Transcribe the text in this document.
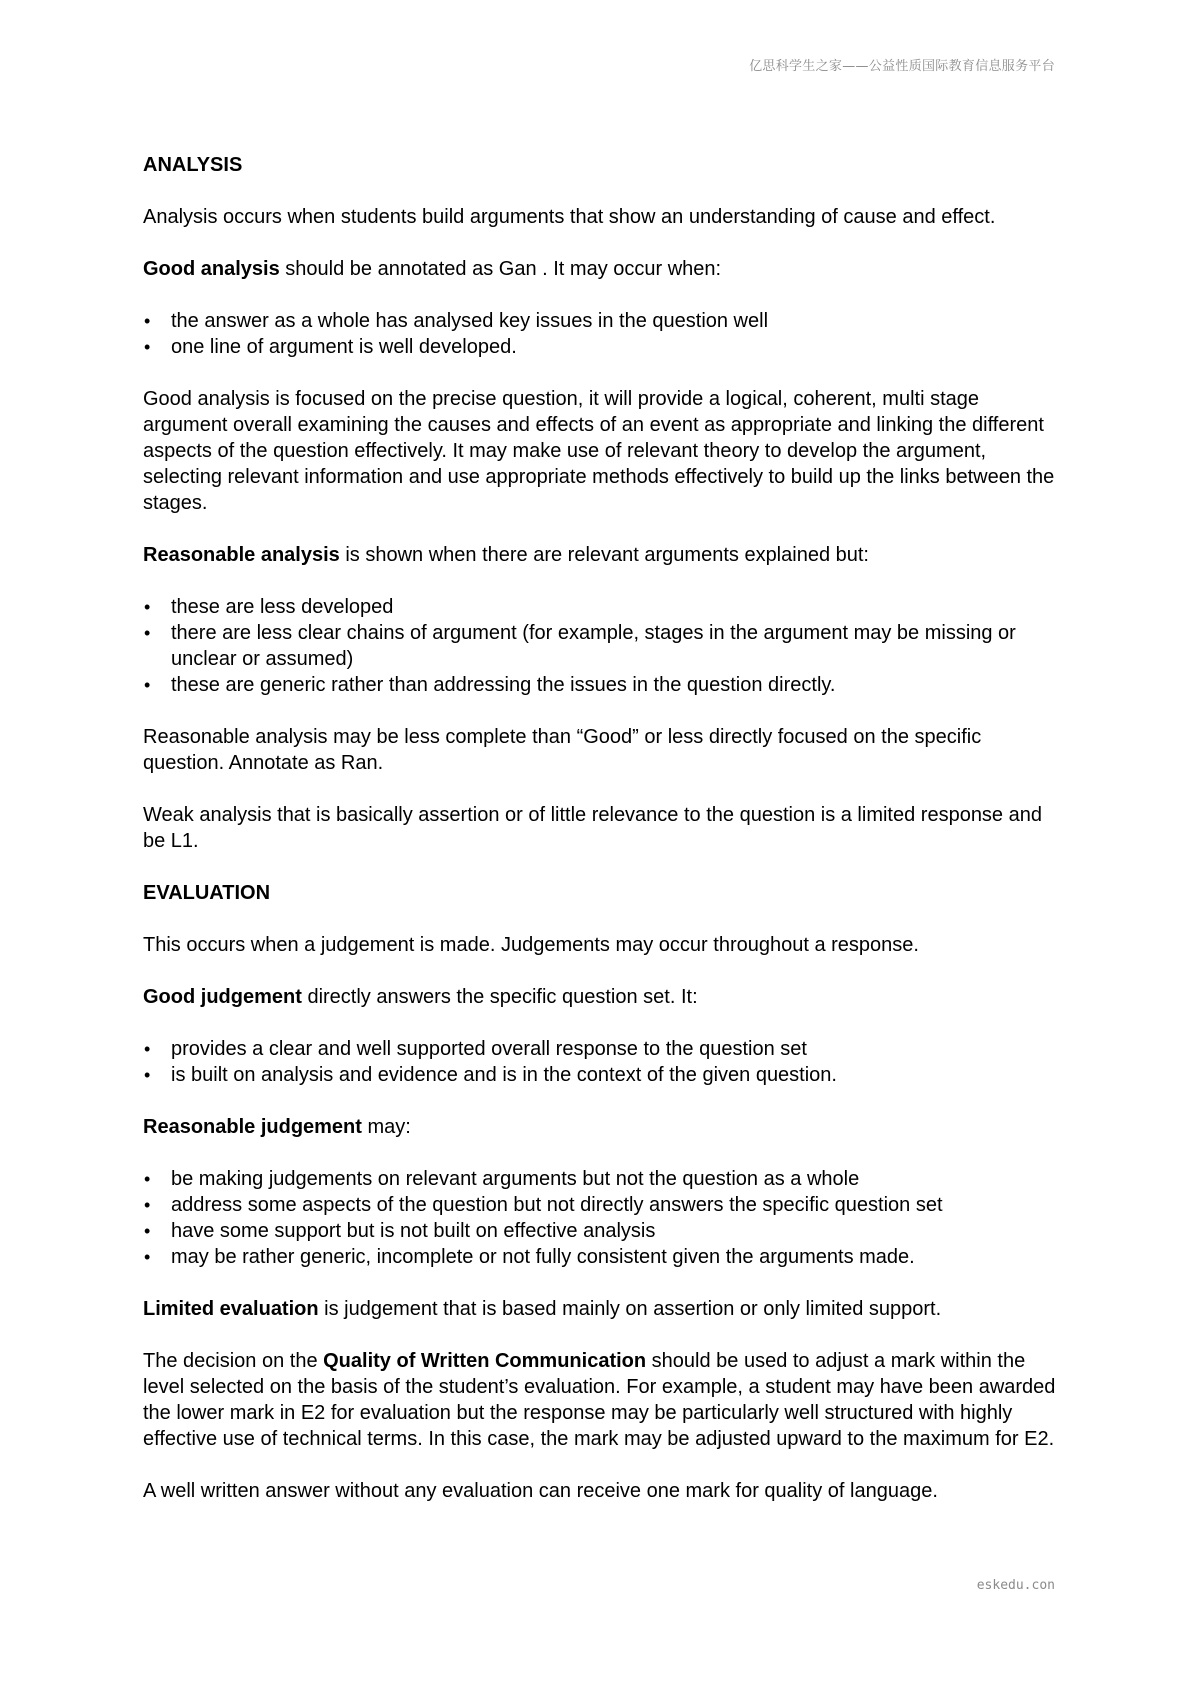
亿思科学生之家——公益性质国际教育信息服务平台
ANALYSIS

Analysis occurs when students build arguments that show an understanding of cause and effect.

Good analysis should be annotated as Gan . It may occur when:

• the answer as a whole has analysed key issues in the question well
• one line of argument is well developed.

Good analysis is focused on the precise question, it will provide a logical, coherent, multi stage argument overall examining the causes and effects of an event as appropriate and linking the different aspects of the question effectively. It may make use of relevant theory to develop the argument, selecting relevant information and use appropriate methods effectively to build up the links between the stages.

Reasonable analysis is shown when there are relevant arguments explained but:

• these are less developed
• there are less clear chains of argument (for example, stages in the argument may be missing or unclear or assumed)
• these are generic rather than addressing the issues in the question directly.

Reasonable analysis may be less complete than “Good” or less directly focused on the specific question. Annotate as Ran.

Weak analysis that is basically assertion or of little relevance to the question is a limited response and be L1.

EVALUATION

This occurs when a judgement is made. Judgements may occur throughout a response.

Good judgement directly answers the specific question set. It:

• provides a clear and well supported overall response to the question set
• is built on analysis and evidence and is in the context of the given question.

Reasonable judgement may:

• be making judgements on relevant arguments but not the question as a whole
• address some aspects of the question but not directly answers the specific question set
• have some support but is not built on effective analysis
• may be rather generic, incomplete or not fully consistent given the arguments made.

Limited evaluation is judgement that is based mainly on assertion or only limited support.

The decision on the Quality of Written Communication should be used to adjust a mark within the level selected on the basis of the student’s evaluation. For example, a student may have been awarded the lower mark in E2 for evaluation but the response may be particularly well structured with highly effective use of technical terms. In this case, the mark may be adjusted upward to the maximum for E2.

A well written answer without any evaluation can receive one mark for quality of language.

eskedu.con
